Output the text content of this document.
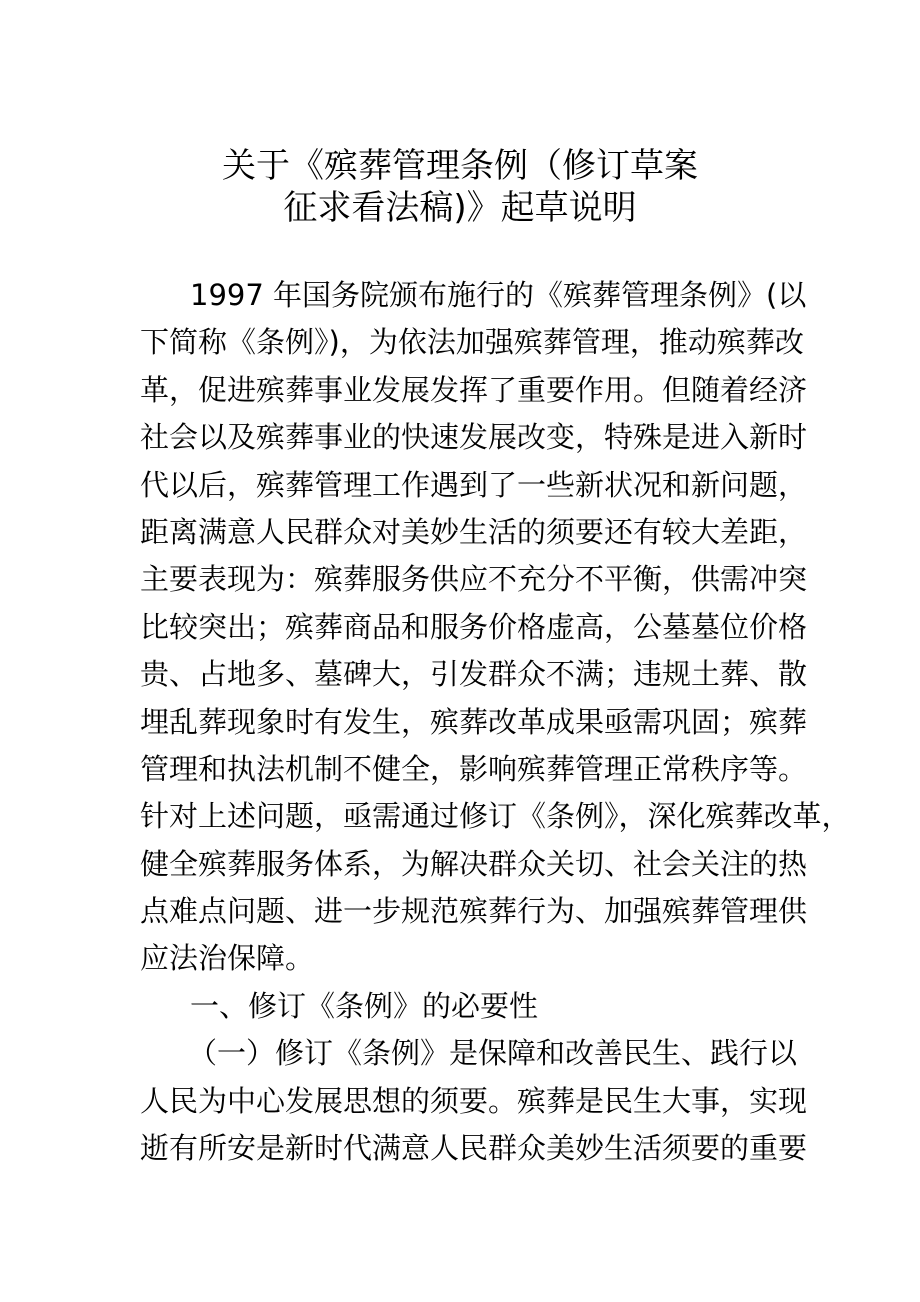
关于《殡葬管理条例（修订草案
征求看法稿)》起草说明
1997 年国务院颁布施行的《殡葬管理条例》(以
下简称《条例》)，为依法加强殡葬管理，推动殡葬改
革，促进殡葬事业发展发挥了重要作用。但随着经济
社会以及殡葬事业的快速发展改变，特殊是进入新时
代以后，殡葬管理工作遇到了一些新状况和新问题，
距离满意人民群众对美妙生活的须要还有较大差距，
主要表现为：殡葬服务供应不充分不平衡，供需冲突
比较突出；殡葬商品和服务价格虚高，公墓墓位价格
贵、占地多、墓碑大，引发群众不满；违规土葬、散
埋乱葬现象时有发生，殡葬改革成果亟需巩固；殡葬
管理和执法机制不健全，影响殡葬管理正常秩序等。
针对上述问题，亟需通过修订《条例》，深化殡葬改革，
健全殡葬服务体系，为解决群众关切、社会关注的热
点难点问题、进一步规范殡葬行为、加强殡葬管理供
应法治保障。
一、修订《条例》的必要性
（一）修订《条例》是保障和改善民生、践行以
人民为中心发展思想的须要。殡葬是民生大事，实现
逝有所安是新时代满意人民群众美妙生活须要的重要
